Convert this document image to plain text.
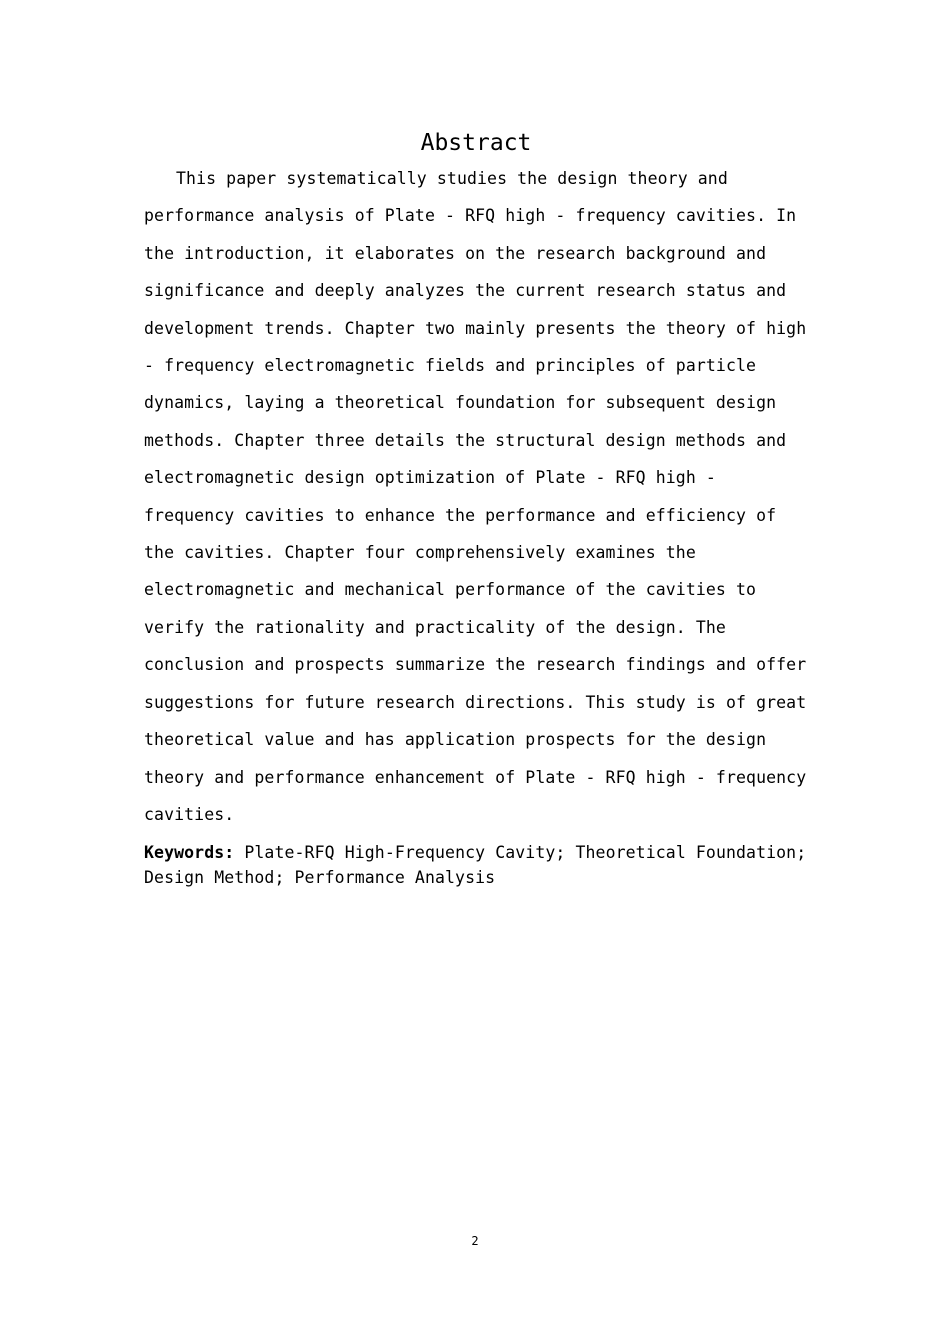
Abstract

This paper systematically studies the design theory and performance analysis of Plate - RFQ high - frequency cavities. In the introduction, it elaborates on the research background and significance and deeply analyzes the current research status and development trends. Chapter two mainly presents the theory of high - frequency electromagnetic fields and principles of particle dynamics, laying a theoretical foundation for subsequent design methods. Chapter three details the structural design methods and electromagnetic design optimization of Plate - RFQ high - frequency cavities to enhance the performance and efficiency of the cavities. Chapter four comprehensively examines the electromagnetic and mechanical performance of the cavities to verify the rationality and practicality of the design. The conclusion and prospects summarize the research findings and offer suggestions for future research directions. This study is of great theoretical value and has application prospects for the design theory and performance enhancement of Plate - RFQ high - frequency cavities.

Keywords: Plate-RFQ High-Frequency Cavity; Theoretical Foundation; Design Method; Performance Analysis
2
